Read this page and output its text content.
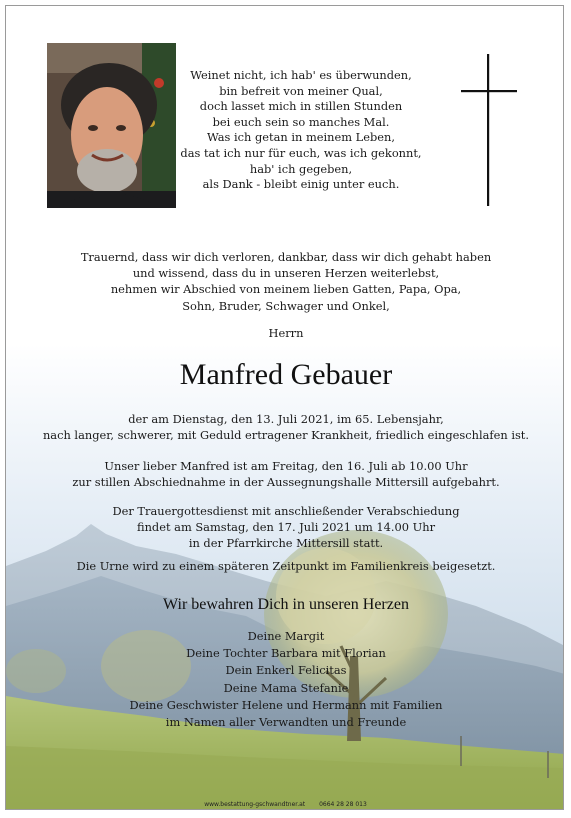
Weinet nicht, ich hab' es überwunden,
bin befreit von meiner Qual,
doch lasset mich in stillen Stunden
bei euch sein so manches Mal.
Was ich getan in meinem Leben,
das tat ich nur für euch, was ich gekonnt,
hab' ich gegeben,
als Dank - bleibt einig unter euch.
Trauernd, dass wir dich verloren, dankbar, dass wir dich gehabt haben
und wissend, dass du in unseren Herzen weiterlebst,
nehmen wir Abschied von meinem lieben Gatten, Papa, Opa,
Sohn, Bruder, Schwager und Onkel,
Herrn
Manfred Gebauer
der am Dienstag, den 13. Juli 2021, im 65. Lebensjahr,
nach langer, schwerer, mit Geduld ertragener Krankheit, friedlich eingeschlafen ist.
Unser lieber Manfred ist am Freitag, den 16. Juli ab 10.00 Uhr
zur stillen Abschiednahme in der Aussegnungshalle Mittersill aufgebahrt.
Der Trauergottesdienst mit anschließender Verabschiedung
findet am Samstag, den 17. Juli 2021 um 14.00 Uhr
in der Pfarrkirche Mittersill statt.
Die Urne wird zu einem späteren Zeitpunkt im Familienkreis beigesetzt.
Wir bewahren Dich in unseren Herzen
Deine Margit
Deine Tochter Barbara mit Florian
Dein Enkerl Felicitas
Deine Mama Stefanie
Deine Geschwister Helene und Hermann mit Familien
im Namen aller Verwandten und Freunde
www.bestattung-gschwandtner.at 0664 28 28 013
